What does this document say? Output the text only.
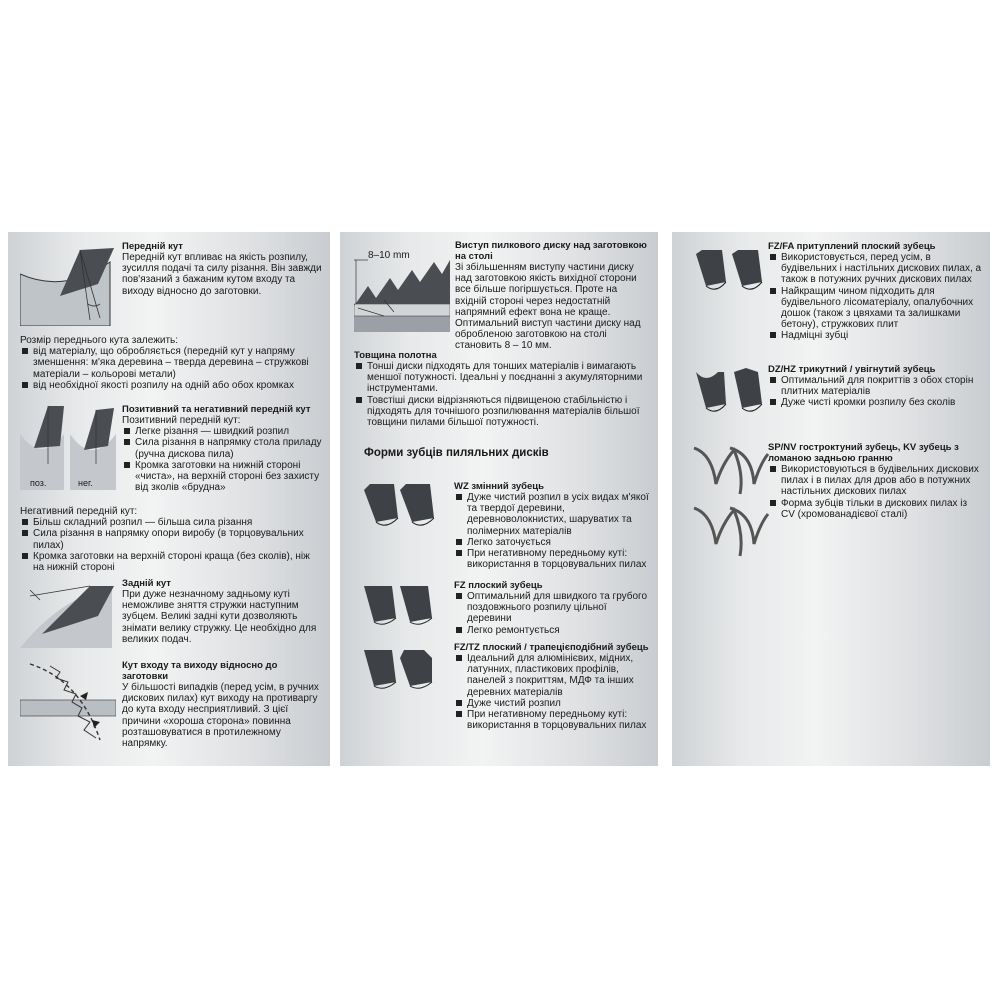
Передній кут
Передній кут впливає на якість розпилу, зусилля подачі та силу різання. Він завжди пов'язаний з бажаним кутом входу та виходу відносно до заготовки.
Розмір переднього кута залежить:
від матеріалу, що обробляється (передній кут у напряму зменшення: м'яка деревина – тверда деревина – стружкові матеріали – кольорові метали)
від необхідної якості розпилу на одній або обох кромках
поз.	нег.
Позитивний та негативний передній кут
Позитивний передній кут:
Легке різання — швидкий розпил
Сила різання в напрямку стола приладу (ручна дискова пила)
Кромка заготовки на нижній стороні «чиста», на верхній стороні без захисту від зколів «брудна»
Негативний передній кут:
Більш складний розпил — більша сила різання
Сила різання в напрямку опори виробу (в торцовувальних пилах)
Кромка заготовки на верхній стороні краща (без сколів), ніж на нижній стороні
Задній кут
При дуже незначному задньому куті неможливе зняття стружки наступним зубцем. Великі задні кути дозволяють знімати велику стружку. Це необхідно для великих подач.
Кут входу та виходу відносно до заготовки
У більшості випадків (перед усім, в ручних дискових пилах) кут виходу на противаргу до кута входу несприятливий. З цієї причини «хороша сторона» повинна розташовуватися в протилежному напрямку.
8–10 mm
Виступ пилкового диску над заготовкою на столі
Зі збільшенням виступу частини диску над заготовкою якість вихідної сторони все більше погіршується. Проте на вхідній стороні через недостатній напрямний ефект вона не краще. Оптимальний виступ частини диску над обробленою заготовкою на столі становить 8 – 10 мм.
Товщина полотна
Тонші диски підходять для тонших матеріалів і вимагають меншої потужності. Ідеальні у поєднанні з акумуляторними інструментами.
Товстіші диски відрізняються підвищеною стабільністю і підходять для точнішого розпилювання матеріалів більшої товщини пилами більшої потужності.
Форми зубців пиляльних дисків
WZ змінний зубець
Дуже чистий розпил в усіх видах м'якої та твердої деревини, деревноволокнистих, шаруватих та полімерних матеріалів
Легко заточується
При негативному передньому куті: використання в торцовувальних пилах
FZ плоский зубець
Оптимальний для швидкого та грубого поздовжнього розпилу цільної деревини
Легко ремонтується
FZ/TZ плоский / трапецієподібний зубець
Ідеальний для алюмінієвих, мідних, латунних, пластикових профілів, панелей з покриттям, МДФ та інших деревних матеріалів
Дуже чистий розпил
При негативному передньому куті: використання в торцовувальних пилах
FZ/FA притуплений плоский зубець
Використовується, перед усім, в будівельних і настільних дискових пилах, а також в потужних ручних дискових пилах
Найкращим чином підходить для будівельного лісоматеріалу, опалубочних дошок (також з цвяхами та залишками бетону), стружкових плит
Надміцні зубці
DZ/HZ трикутний / увігнутий зубець
Оптимальний для покриттів з обох сторін плитних матеріалів
Дуже чисті кромки розпилу без сколів
SP/NV гостроктуний зубець, KV зубець з ломаною задньою гранню
Використовуються в будівельних дискових пилах і в пилах для дров або в потужних настільних дискових пилах
Форма зубців тільки в дискових пилах із CV (хромованадієвої сталі)
